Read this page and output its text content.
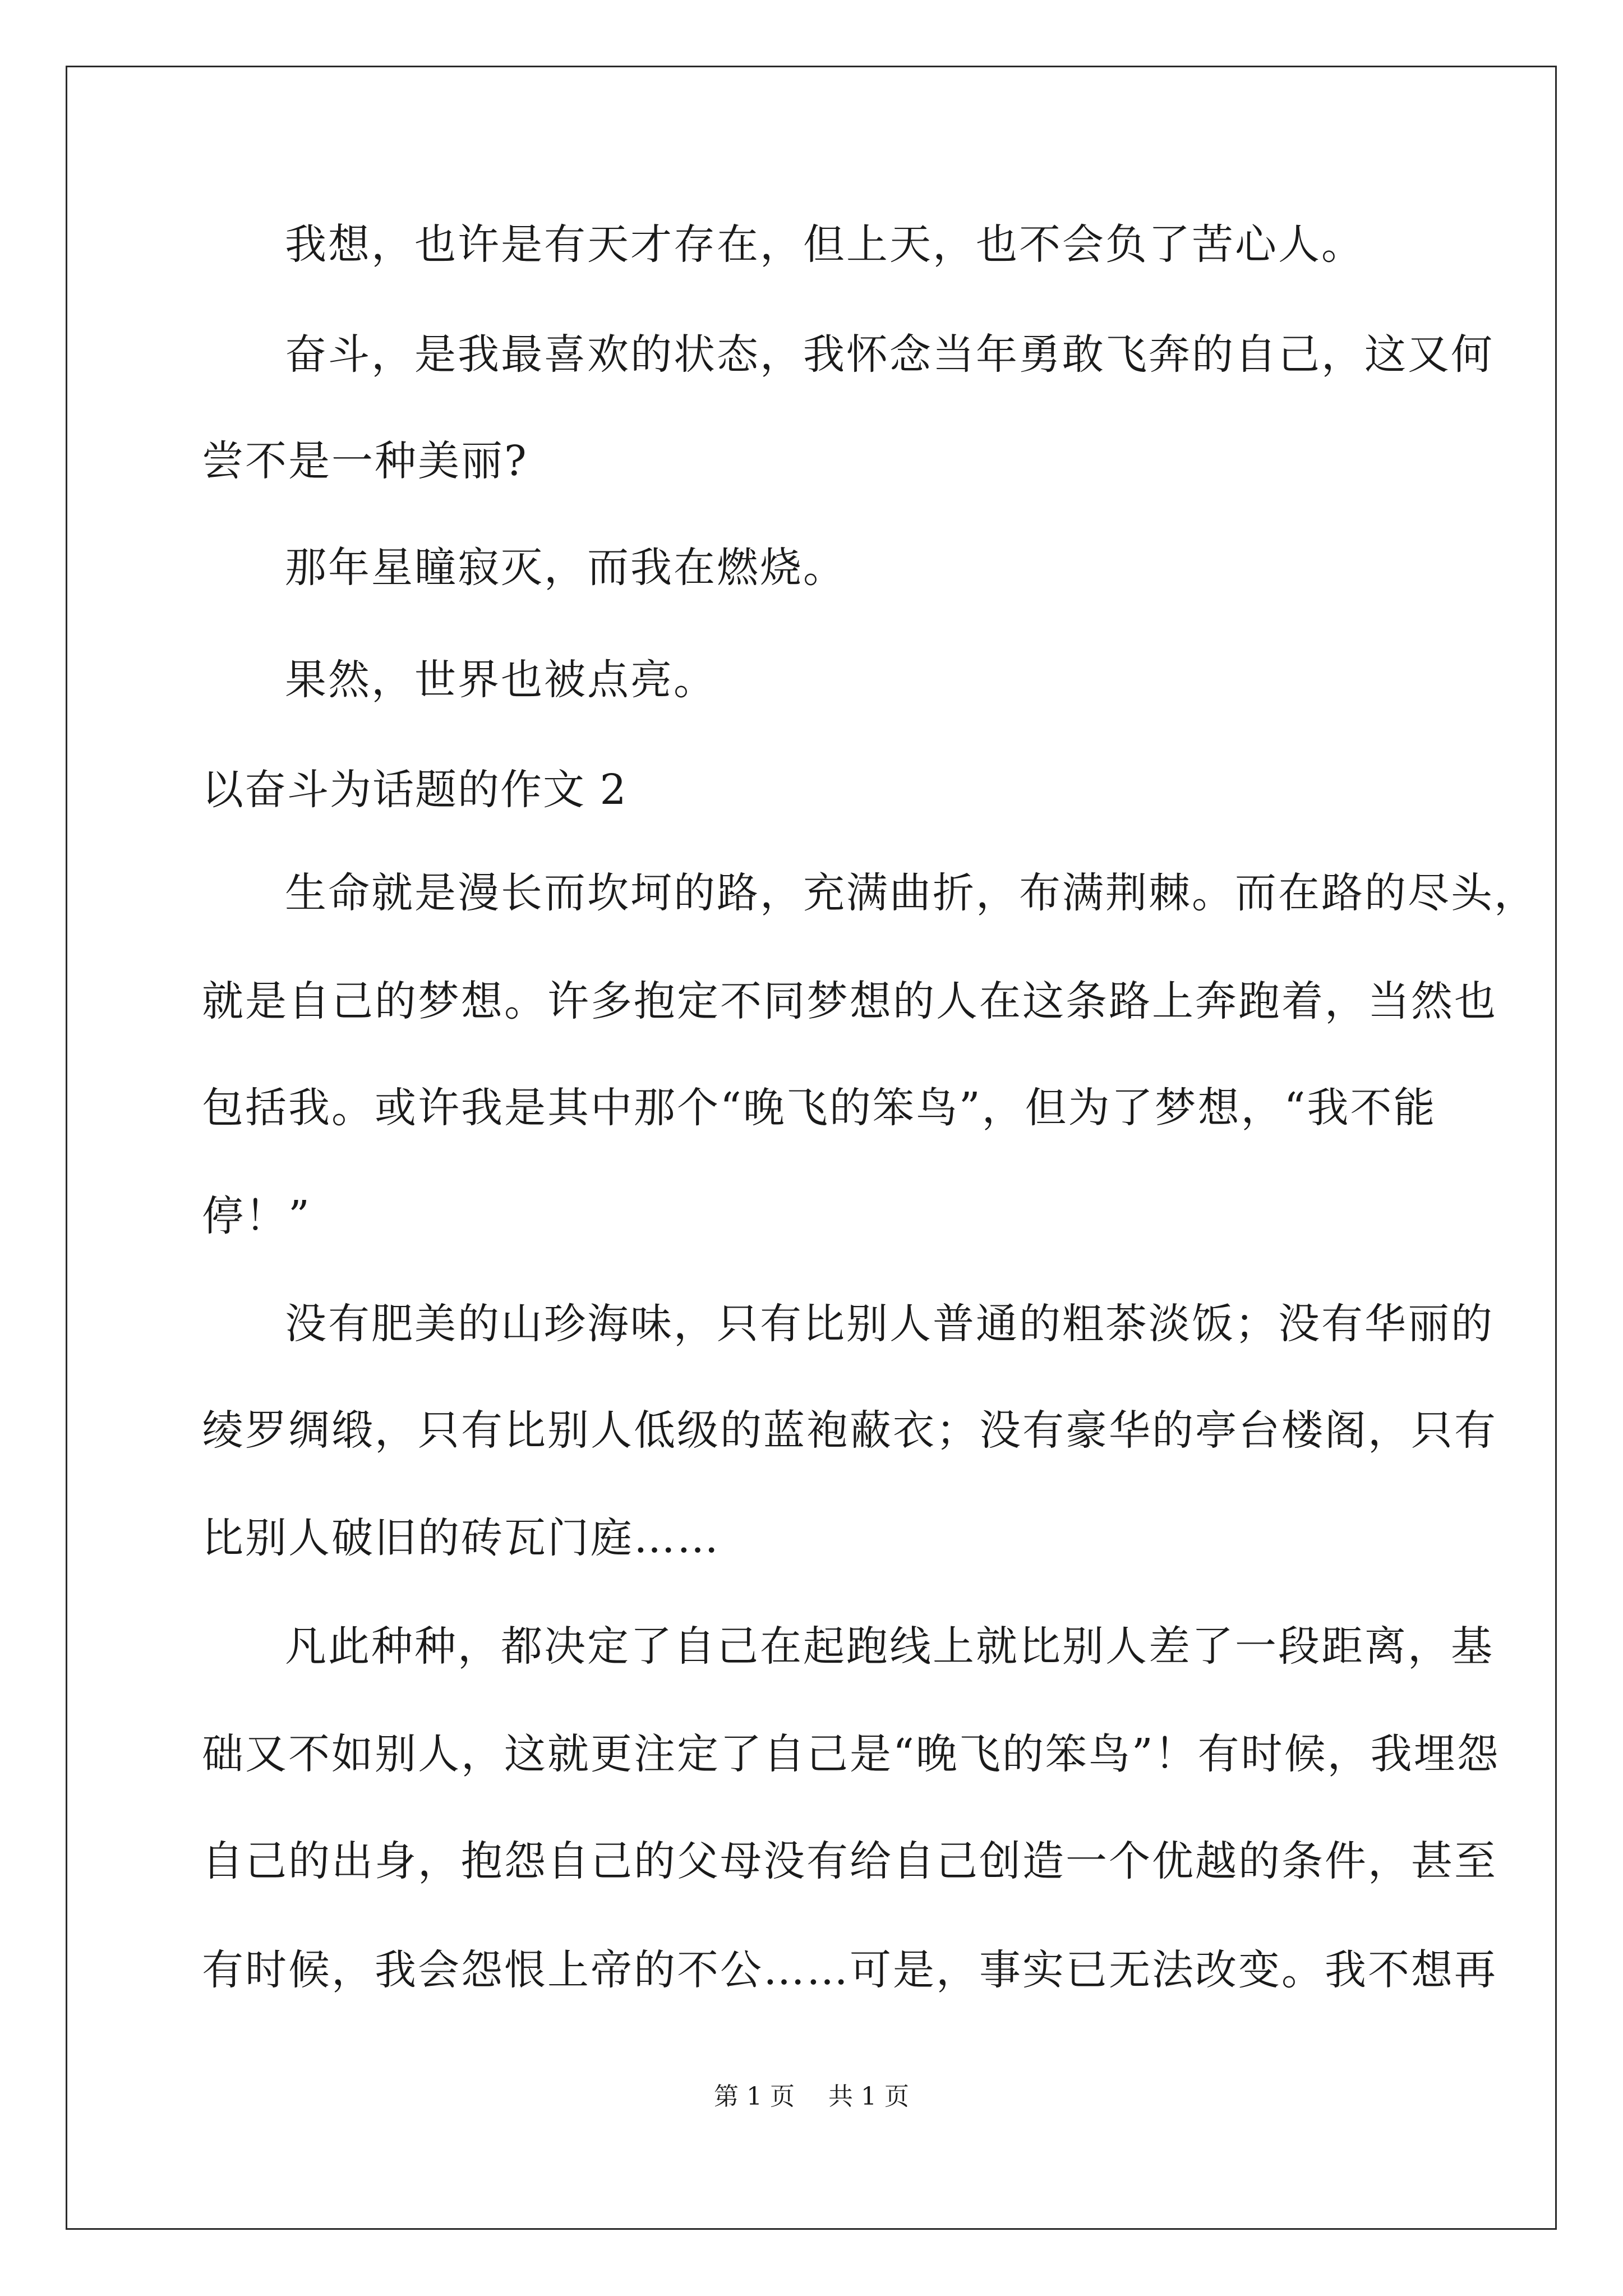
我想，也许是有天才存在，但上天，也不会负了苦心人。
奋斗，是我最喜欢的状态，我怀念当年勇敢飞奔的自己，这又何
尝不是一种美丽?
那年星瞳寂灭，而我在燃烧。
果然，世界也被点亮。
以奋斗为话题的作文 2
生命就是漫长而坎坷的路，充满曲折，布满荆棘。而在路的尽头，
就是自己的梦想。许多抱定不同梦想的人在这条路上奔跑着，当然也
包括我。或许我是其中那个“晚飞的笨鸟”，但为了梦想，“我不能
停！”
没有肥美的山珍海味，只有比别人普通的粗茶淡饭；没有华丽的
绫罗绸缎，只有比别人低级的蓝袍蔽衣；没有豪华的亭台楼阁，只有
比别人破旧的砖瓦门庭……
凡此种种，都决定了自己在起跑线上就比别人差了一段距离，基
础又不如别人，这就更注定了自己是“晚飞的笨鸟”！有时候，我埋怨
自己的出身，抱怨自己的父母没有给自己创造一个优越的条件，甚至
有时候，我会怨恨上帝的不公……可是，事实已无法改变。我不想再
第 1 页 共 1 页
